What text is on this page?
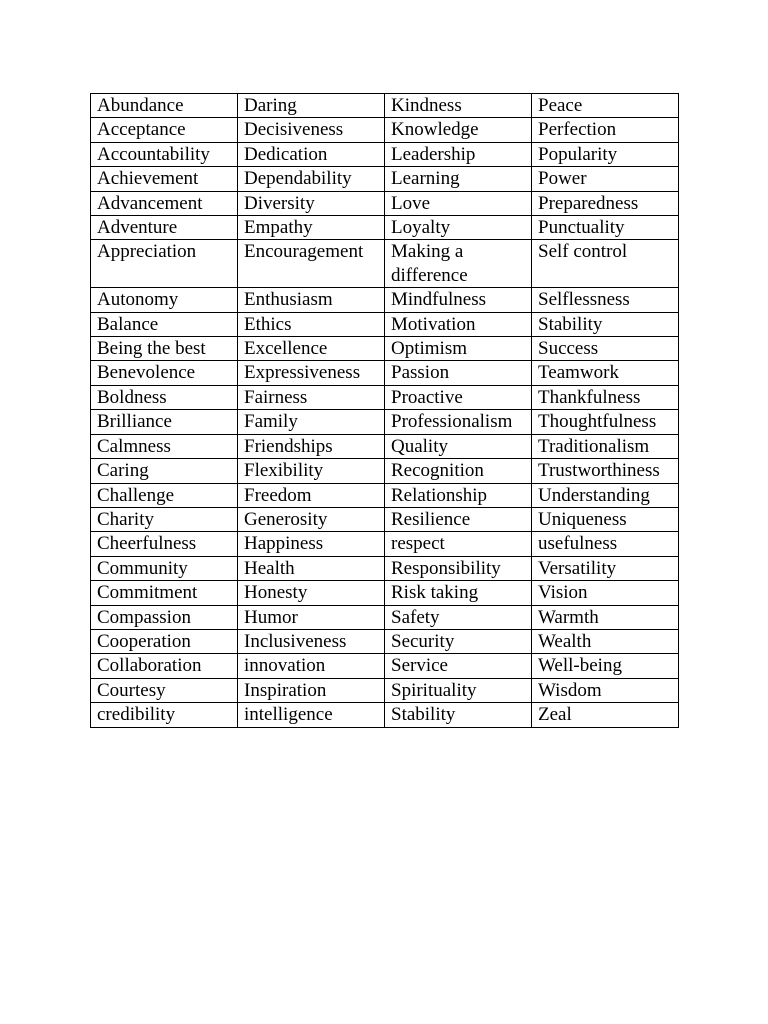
Abundance	Daring	Kindness	Peace
Acceptance	Decisiveness	Knowledge	Perfection
Accountability	Dedication	Leadership	Popularity
Achievement	Dependability	Learning	Power
Advancement	Diversity	Love	Preparedness
Adventure	Empathy	Loyalty	Punctuality
Appreciation	Encouragement	Making a difference	Self control
Autonomy	Enthusiasm	Mindfulness	Selflessness
Balance	Ethics	Motivation	Stability
Being the best	Excellence	Optimism	Success
Benevolence	Expressiveness	Passion	Teamwork
Boldness	Fairness	Proactive	Thankfulness
Brilliance	Family	Professionalism	Thoughtfulness
Calmness	Friendships	Quality	Traditionalism
Caring	Flexibility	Recognition	Trustworthiness
Challenge	Freedom	Relationship	Understanding
Charity	Generosity	Resilience	Uniqueness
Cheerfulness	Happiness	respect	usefulness
Community	Health	Responsibility	Versatility
Commitment	Honesty	Risk taking	Vision
Compassion	Humor	Safety	Warmth
Cooperation	Inclusiveness	Security	Wealth
Collaboration	innovation	Service	Well-being
Courtesy	Inspiration	Spirituality	Wisdom
credibility	intelligence	Stability	Zeal
